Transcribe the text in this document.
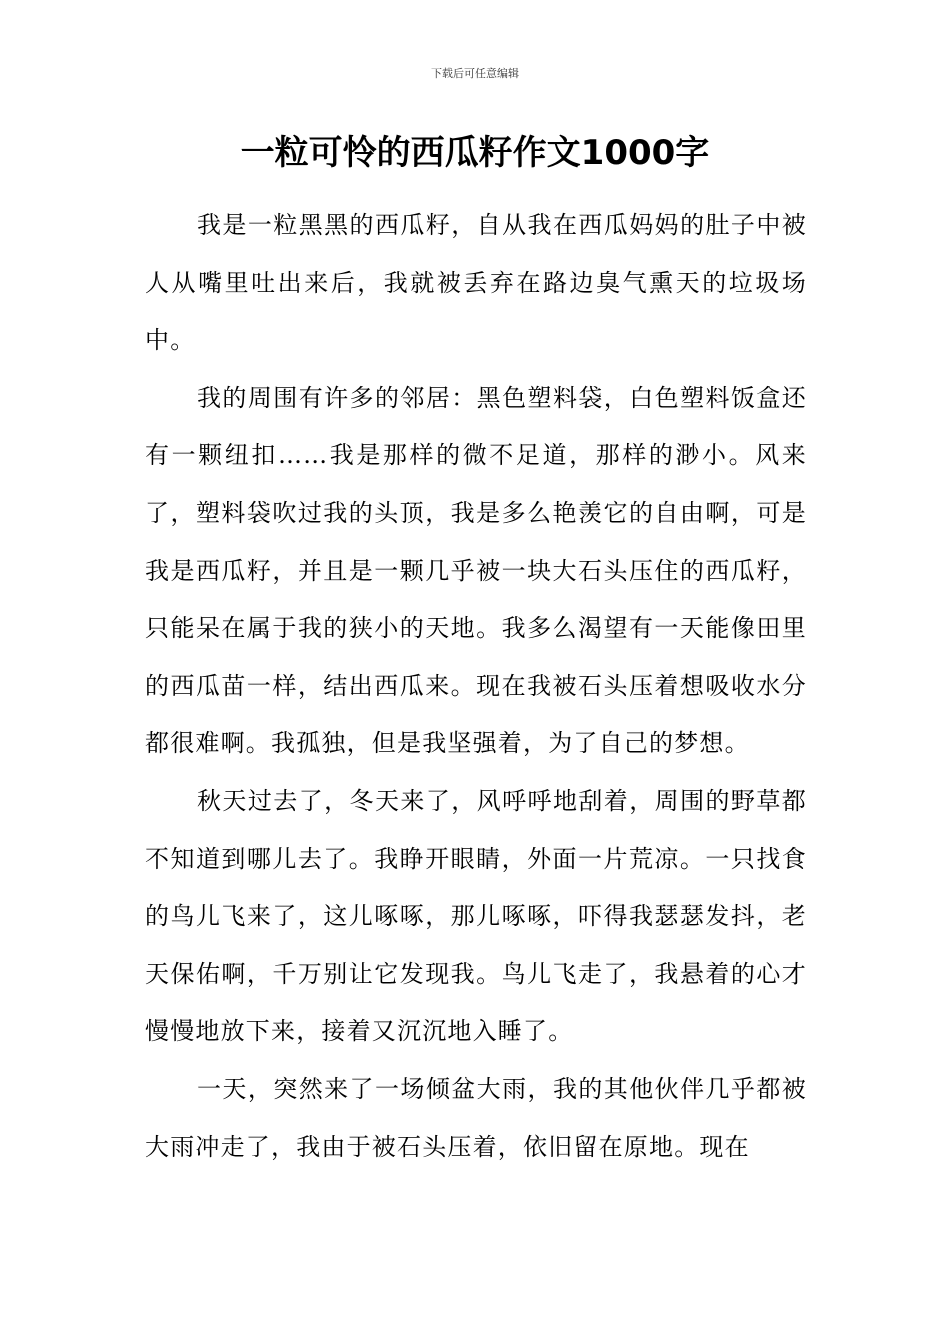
下载后可任意编辑
一粒可怜的西瓜籽作文1000字

我是一粒黑黑的西瓜籽，自从我在西瓜妈妈的肚子中被人从嘴里吐出来后，我就被丢弃在路边臭气熏天的垃圾场中。

我的周围有许多的邻居：黑色塑料袋，白色塑料饭盒还有一颗纽扣……我是那样的微不足道，那样的渺小。风来了，塑料袋吹过我的头顶，我是多么艳羡它的自由啊，可是我是西瓜籽，并且是一颗几乎被一块大石头压住的西瓜籽，只能呆在属于我的狭小的天地。我多么渴望有一天能像田里的西瓜苗一样，结出西瓜来。现在我被石头压着想吸收水分都很难啊。我孤独，但是我坚强着，为了自己的梦想。

秋天过去了，冬天来了，风呼呼地刮着，周围的野草都不知道到哪儿去了。我睁开眼睛，外面一片荒凉。一只找食的鸟儿飞来了，这儿啄啄，那儿啄啄，吓得我瑟瑟发抖，老天保佑啊，千万别让它发现我。鸟儿飞走了，我悬着的心才慢慢地放下来，接着又沉沉地入睡了。

一天，突然来了一场倾盆大雨，我的其他伙伴几乎都被大雨冲走了，我由于被石头压着，依旧留在原地。现在
